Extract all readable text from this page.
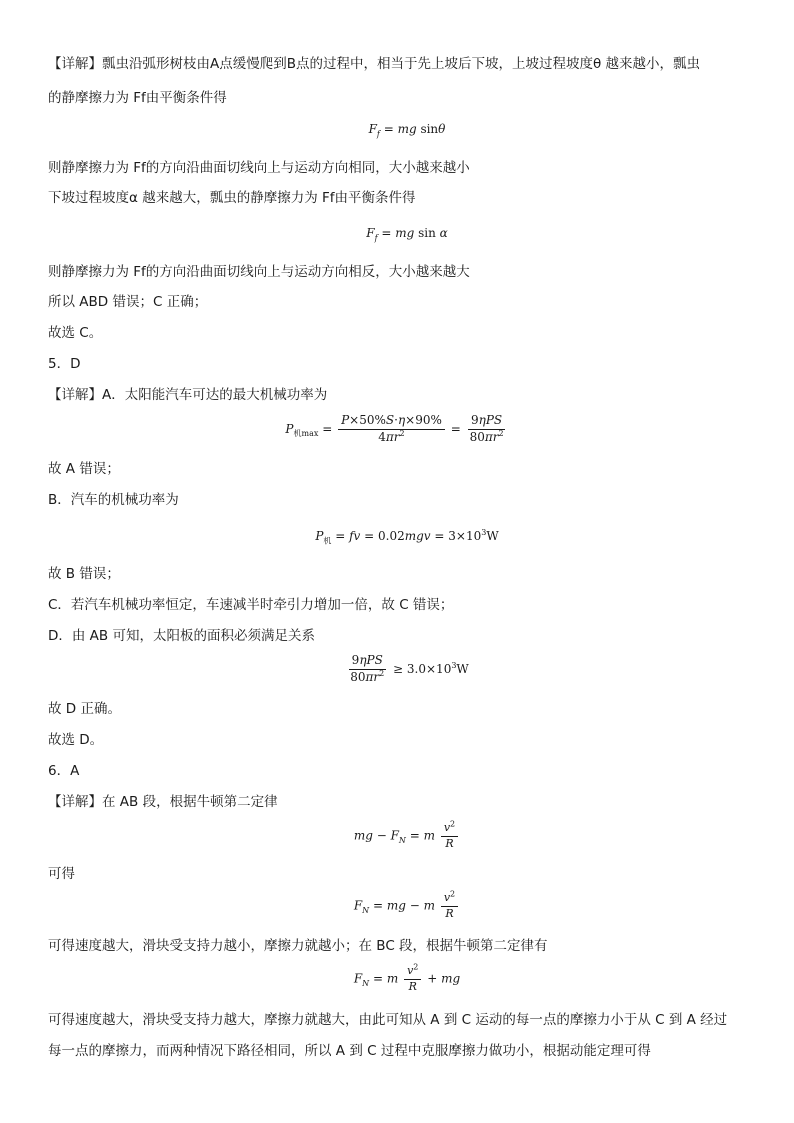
【详解】瓢虫沿弧形树枝由A点缓慢爬到B点的过程中，相当于先上坡后下坡，上坡过程坡度θ 越来越小，瓢虫
的静摩擦力为 Ff由平衡条件得
$F_f$ = mg sinθ
则静摩擦力为 Ff的方向沿曲面切线向上与运动方向相同，大小越来越小
下坡过程坡度α 越来越大，瓢虫的静摩擦力为 Ff由平衡条件得
$F_f$ = mg sin α
则静摩擦力为 Ff的方向沿曲面切线向上与运动方向相反，大小越来越大
所以 ABD 错误；C 正确；
故选 C。
5．D
【详解】A．太阳能汽车可达的最大机械功率为
$P_{机max} = \frac{P\times 50\%S\cdot\eta\times 90\%}{4\pi r^2} = \frac{\text{9ηPS}}{80\pi r^2}$
故 A 错误；
B．汽车的机械功率为
$P_机$ = fv = $0.02mgv = 3\times 10^3W$
故 B 错误；
C．若汽车机械功率恒定，车速减半时牵引力增加一倍，故 C 错误；
D．由 AB 可知，太阳板的面积必须满足关系
$\frac{\text{9ηPS}}{80\pi r^2} \ge 3.0\times 10^3W$
故 D 正确。
故选 D。
6．A
【详解】在 AB 段，根据牛顿第二定律
mg − $F_N = m \frac{v^2}{R}$
可得
$F_N$ = mg − m $\frac{v^2}{R}$
可得速度越大，滑块受支持力越小，摩擦力就越小；在 BC 段，根据牛顿第二定律有
$F_N = m \frac{v^2}{R}$ + mg
可得速度越大，滑块受支持力越大，摩擦力就越大，由此可知从 A 到 C 运动的每一点的摩擦力小于从 C 到 A 经过
每一点的摩擦力，而两种情况下路径相同，所以 A 到 C 过程中克服摩擦力做功小，根据动能定理可得
